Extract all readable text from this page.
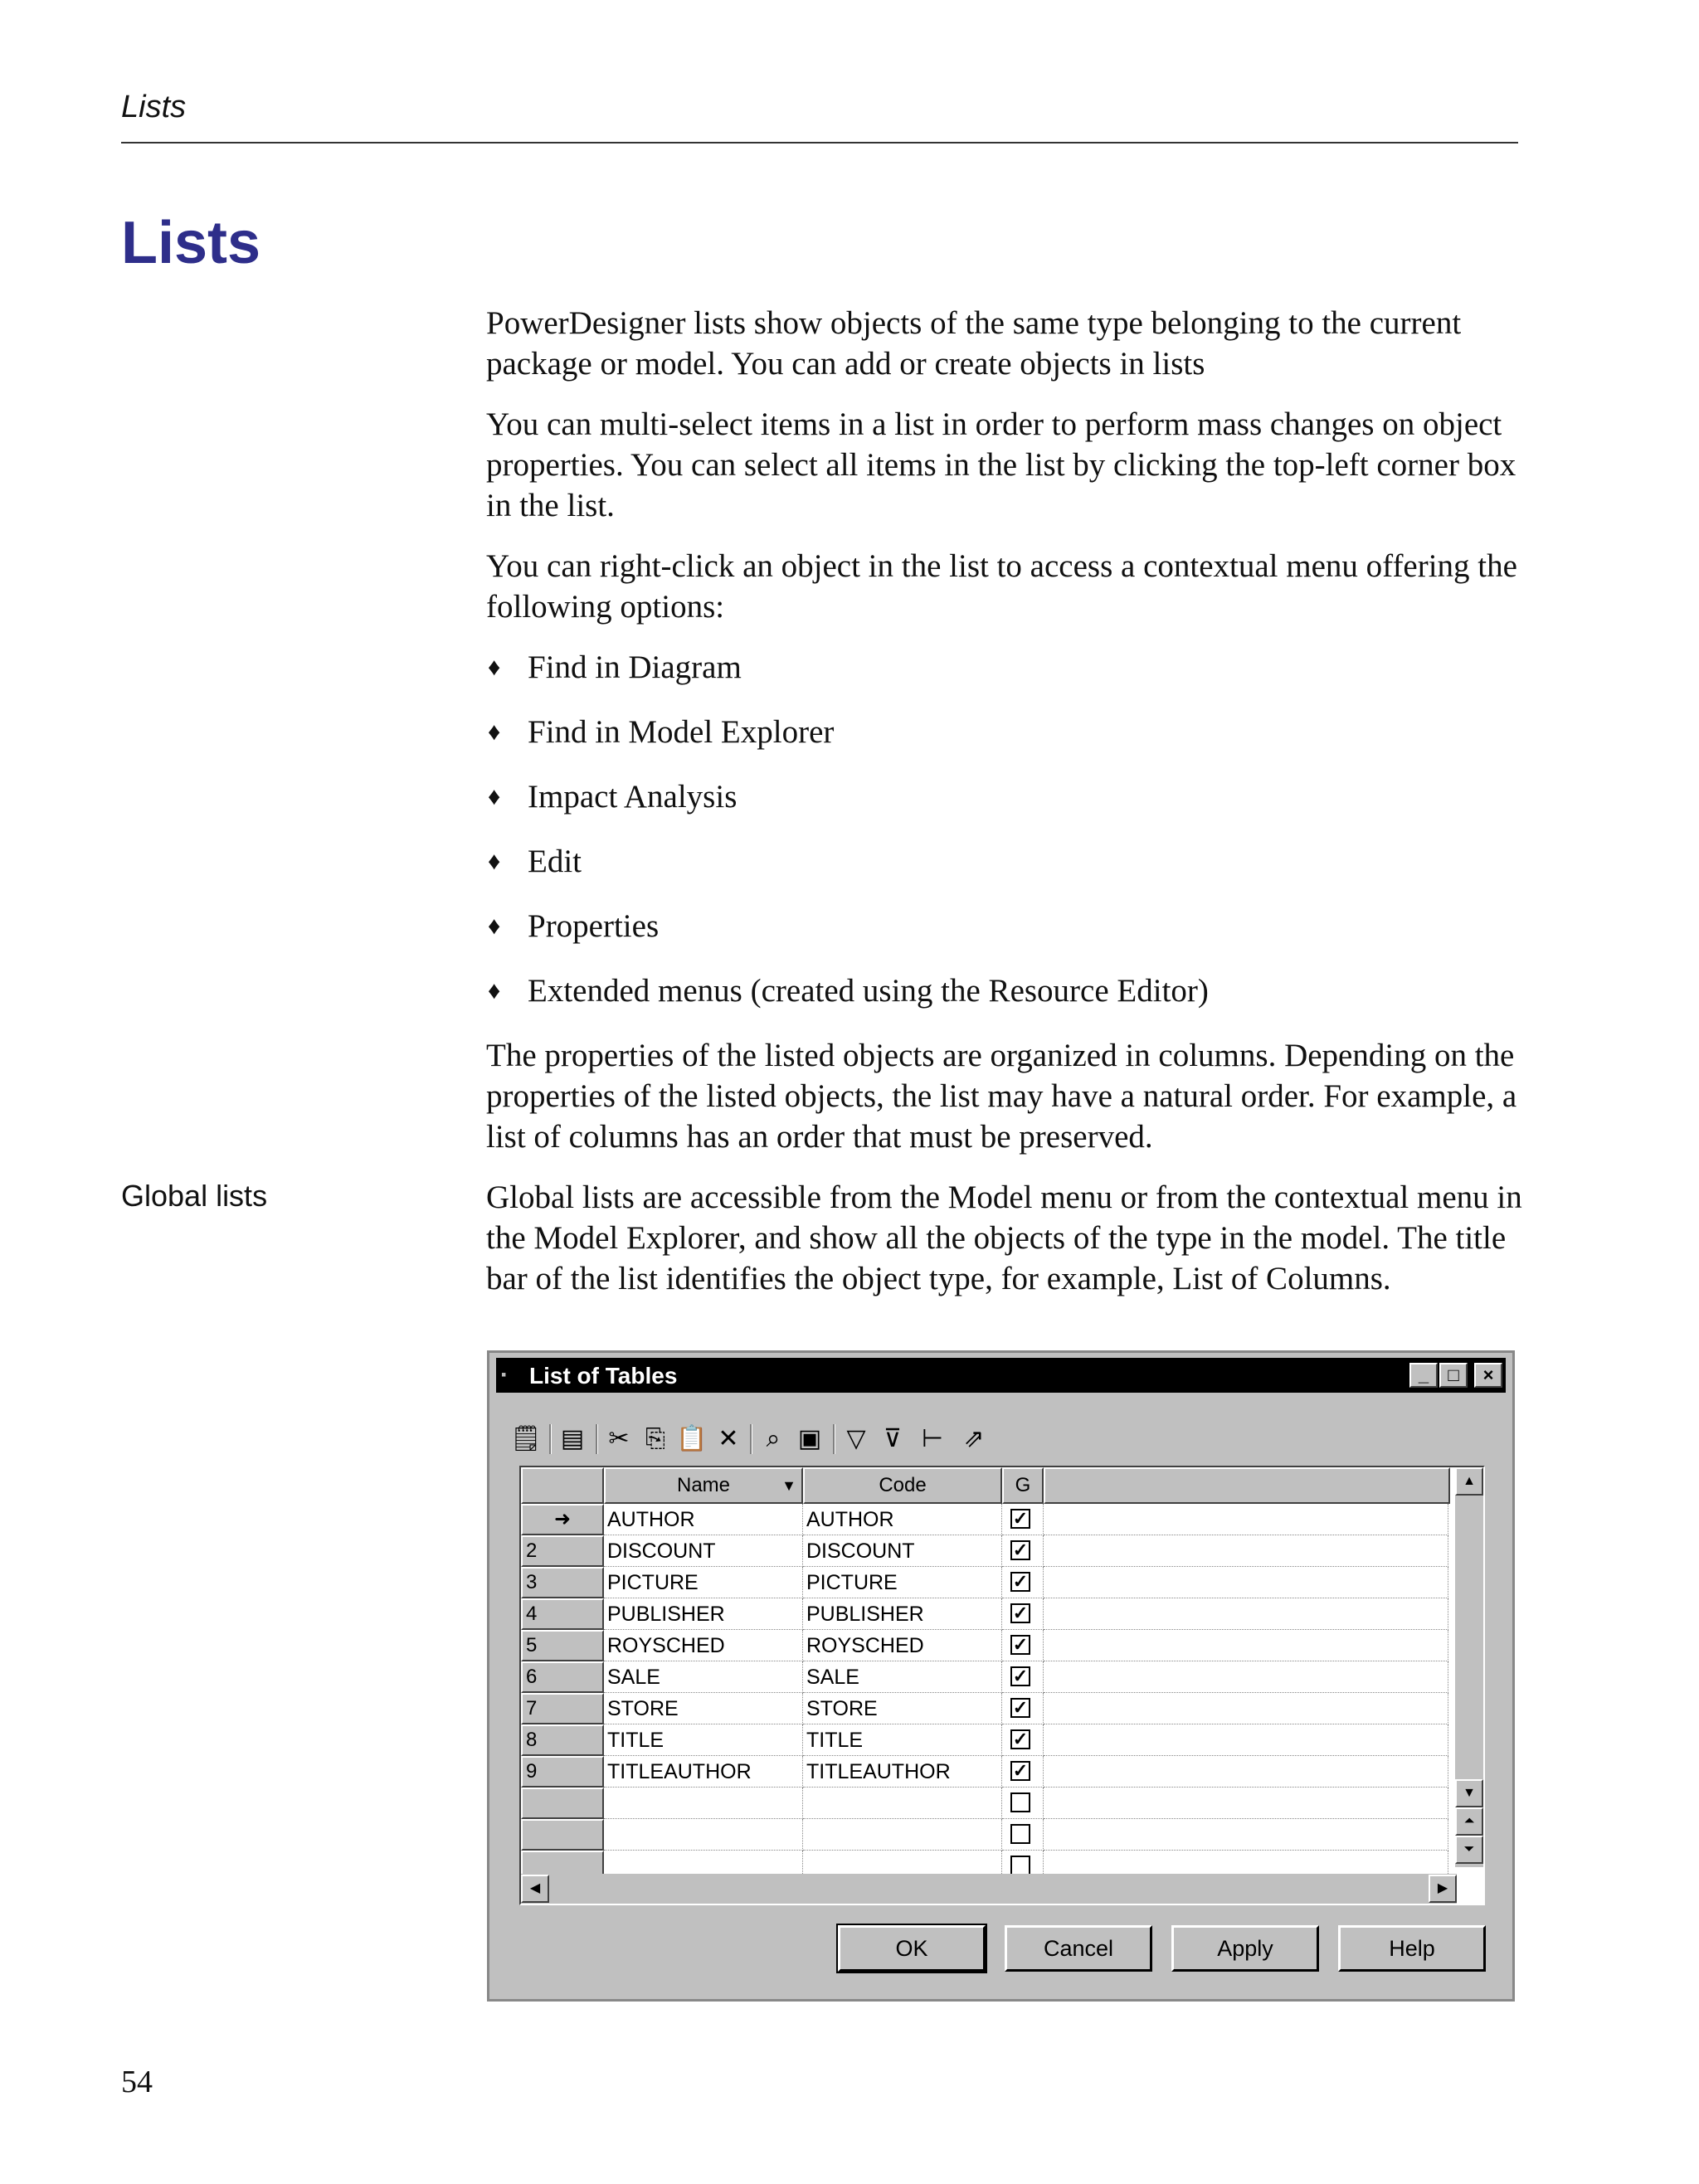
Lists
Lists
Global lists

PowerDesigner lists show objects of the same type belonging to the current package or model. You can add or create objects in lists

You can multi-select items in a list in order to perform mass changes on object properties. You can select all items in the list by clicking the top-left corner box in the list.

You can right-click an object in the list to access a contextual menu offering the following options:

♦ Find in Diagram
♦ Find in Model Explorer
♦ Impact Analysis
♦ Edit
♦ Properties
♦ Extended menus (created using the Resource Editor)

The properties of the listed objects are organized in columns. Depending on the properties of the listed objects, the list may have a natural order. For example, a list of columns has an order that must be preserved.

Global lists are accessible from the Model menu or from the contextual menu in the Model Explorer, and show all the objects of the type in the model. The title bar of the list identifies the object type, for example, List of Columns.

▪ List of Tables	_	□	×
🗒 ▤ ✂ ⎘ 📋 ✕	⌕ ▣ ▽ ⊽ ⊢ ⇗
Name	▼	Code	G
➜	AUTHOR	AUTHOR	✓
2	DISCOUNT	DISCOUNT	✓
3	PICTURE	PICTURE	✓
4	PUBLISHER	PUBLISHER	✓
5	ROYSCHED	ROYSCHED	✓
6	SALE	SALE	✓
7	STORE	STORE	✓
8	TITLE	TITLE	✓
9	TITLEAUTHOR	TITLEAUTHOR	✓
▲
▼
⏶
⏷
◀	▶
OK	Cancel	Apply	Help
54
